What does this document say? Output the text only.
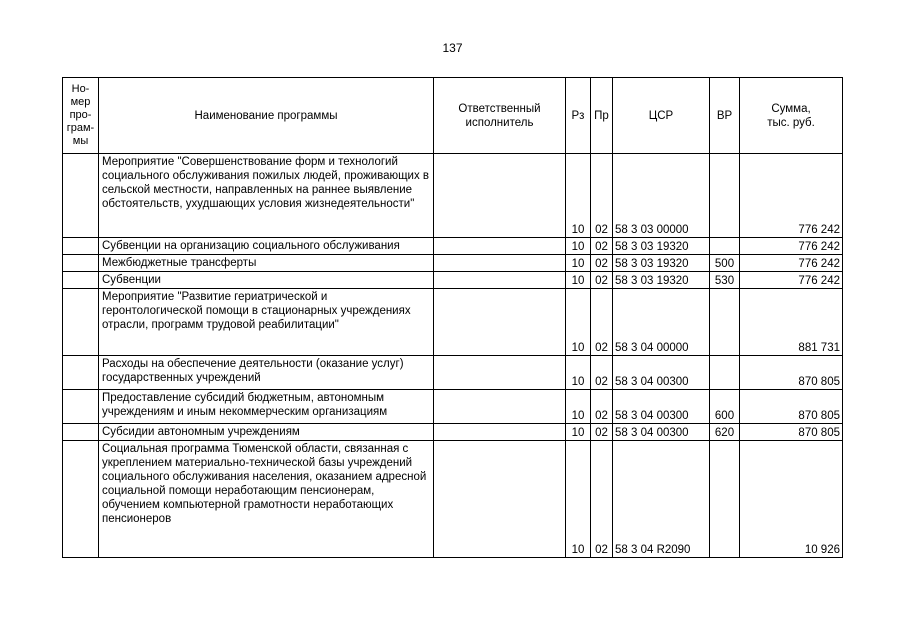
137
Но-
мер
про-
грам-
мы	Наименование программы	Ответственный
исполнитель	Рз	Пр	ЦСР	ВР	Сумма,
тыс. руб.
	Мероприятие "Совершенствование форм и технологий социального обслуживания пожилых людей, проживающих в сельской местности, направленных на раннее выявление обстоятельств, ухудшающих условия жизнедеятельности"		10	02	58 3 03 00000		776 242
	Субвенции на организацию социального обслуживания		10	02	58 3 03 19320		776 242
	Межбюджетные трансферты		10	02	58 3 03 19320	500	776 242
	Субвенции		10	02	58 3 03 19320	530	776 242
	Мероприятие "Развитие гериатрической и геронтологической помощи в стационарных учреждениях отрасли, программ трудовой реабилитации"		10	02	58 3 04 00000		881 731
	Расходы на обеспечение деятельности (оказание услуг) государственных учреждений		10	02	58 3 04 00300		870 805
	Предоставление субсидий бюджетным, автономным учреждениям и иным некоммерческим организациям		10	02	58 3 04 00300	600	870 805
	Субсидии автономным учреждениям		10	02	58 3 04 00300	620	870 805
	Социальная программа Тюменской области, связанная с укреплением материально-технической базы учреждений социального обслуживания населения, оказанием адресной социальной помощи неработающим пенсионерам, обучением компьютерной грамотности неработающих пенсионеров		10	02	58 3 04 R2090		10 926
